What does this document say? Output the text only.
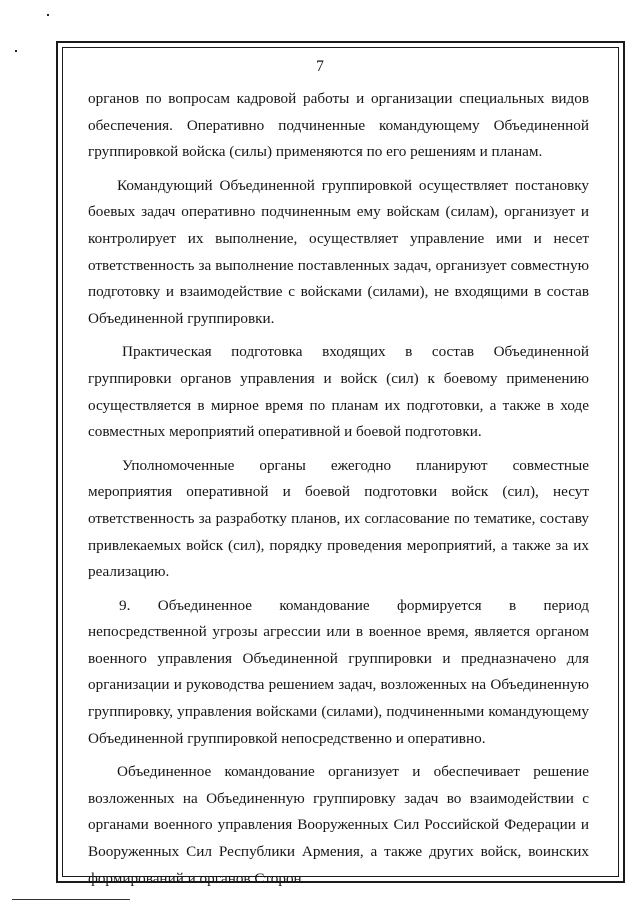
7
органов по вопросам кадровой работы и организации специальных видов
обеспечения. Оперативно подчиненные командующему Объединенной
группировкой войска (силы) применяются по его решениям и планам.
Командующий Объединенной группировкой осуществляет постановку
боевых задач оперативно подчиненным ему войскам (силам), организует и
контролирует их выполнение, осуществляет управление ими и несет
ответственность за выполнение поставленных задач, организует совместную
подготовку и взаимодействие с войсками (силами), не входящими в состав
Объединенной группировки.
Практическая подготовка входящих в состав Объединенной
группировки органов управления и войск (сил) к боевому применению
осуществляется в мирное время по планам их подготовки, а также в ходе
совместных мероприятий оперативной и боевой подготовки.
Уполномоченные органы ежегодно планируют совместные
мероприятия оперативной и боевой подготовки войск (сил), несут
ответственность за разработку планов, их согласование по тематике, составу
привлекаемых войск (сил), порядку проведения мероприятий, а также за их
реализацию.
9. Объединенное командование формируется в период
непосредственной угрозы агрессии или в военное время, является органом
военного управления Объединенной группировки и предназначено для
организации и руководства решением задач, возложенных на Объединенную
группировку, управления войсками (силами), подчиненными командующему
Объединенной группировкой непосредственно и оперативно.
Объединенное командование организует и обеспечивает решение
возложенных на Объединенную группировку задач во взаимодействии с
органами военного управления Вооруженных Сил Российской Федерации и
Вооруженных Сил Республики Армения, а также других войск, воинских
формирований и органов Сторон.
